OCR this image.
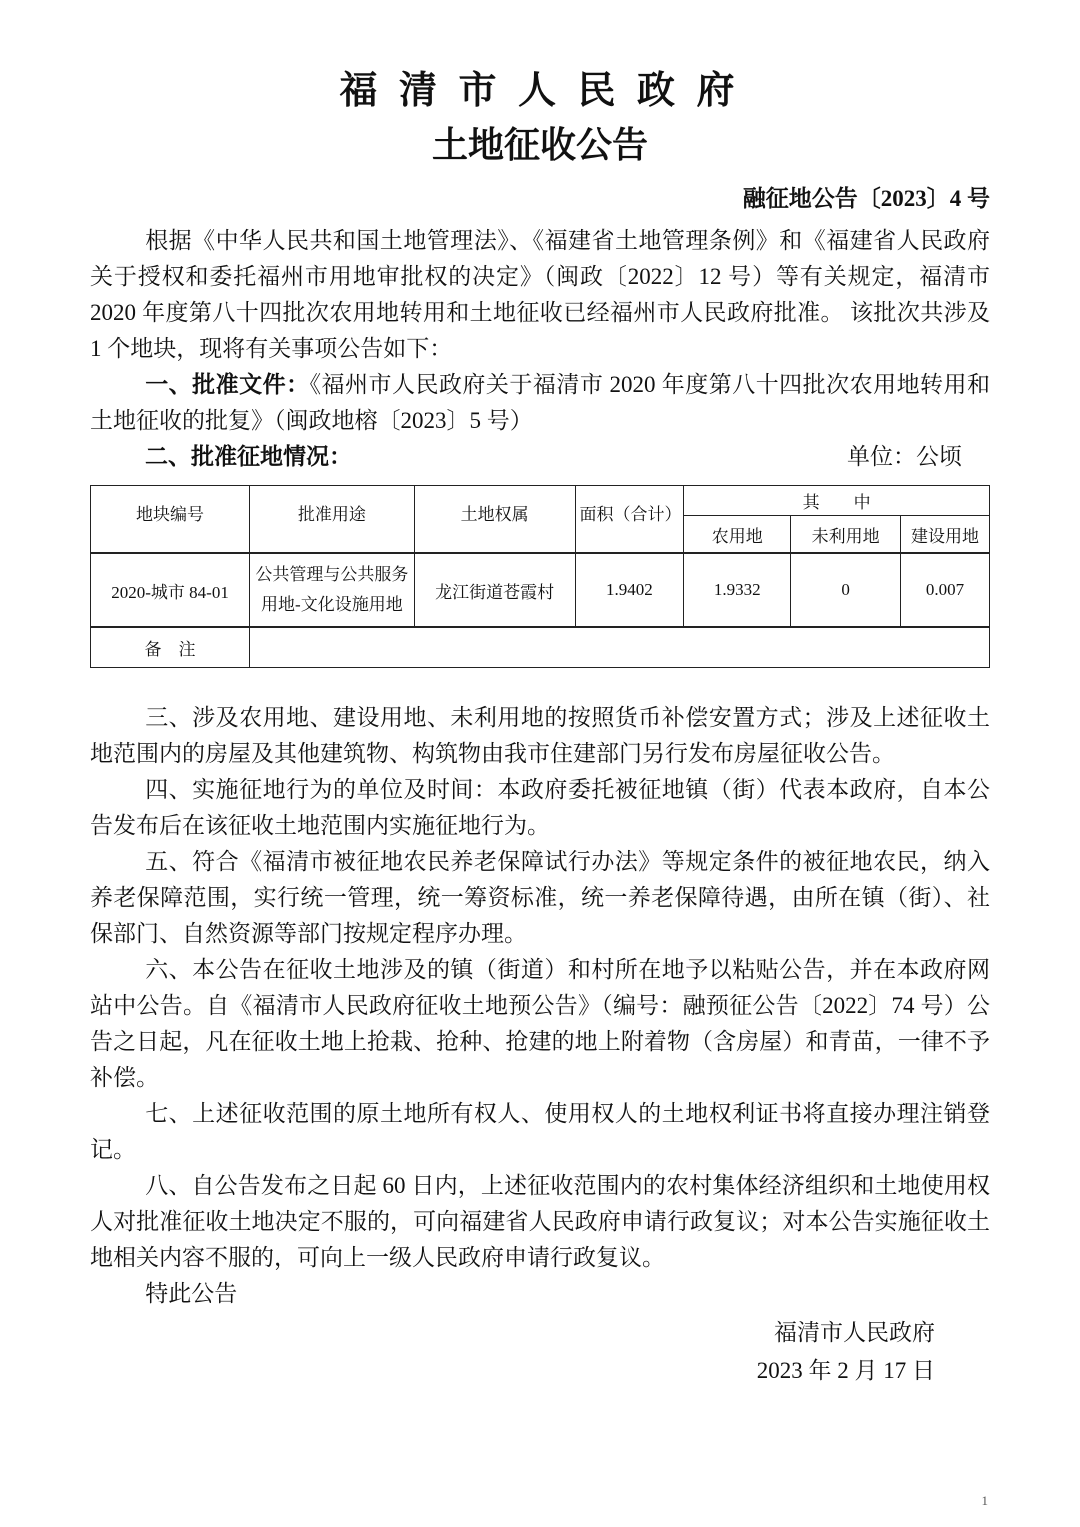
福 清 市 人 民 政 府
土地征收公告
融征地公告〔2023〕4 号

根据《中华人民共和国土地管理法》、《福建省土地管理条例》和《福建省人民政府关于授权和委托福州市用地审批权的决定》（闽政〔2022〕12 号）等有关规定，福清市 2020 年度第八十四批次农用地转用和土地征收已经福州市人民政府批准。 该批次共涉及 1 个地块，现将有关事项公告如下：

一、批准文件：《福州市人民政府关于福清市 2020 年度第八十四批次农用地转用和土地征收的批复》（闽政地榕〔2023〕5 号）

二、批准征地情况：	单位：公顷
地块编号	批准用途	土地权属	面积（合计）	其　　中		
				农用地	未利用地	建设用地
2020-城市 84-01	公共管理与公共服务用地-文化设施用地	龙江街道苍霞村	1.9402	1.9332	0	0.007
备　注						

三、涉及农用地、建设用地、未利用地的按照货币补偿安置方式；涉及上述征收土地范围内的房屋及其他建筑物、构筑物由我市住建部门另行发布房屋征收公告。

四、实施征地行为的单位及时间：本政府委托被征地镇（街）代表本政府，自本公告发布后在该征收土地范围内实施征地行为。

五、符合《福清市被征地农民养老保障试行办法》等规定条件的被征地农民，纳入养老保障范围，实行统一管理，统一筹资标准，统一养老保障待遇，由所在镇（街）、社保部门、自然资源等部门按规定程序办理。

六、本公告在征收土地涉及的镇（街道）和村所在地予以粘贴公告，并在本政府网站中公告。自《福清市人民政府征收土地预公告》（编号：融预征公告〔2022〕74 号）公告之日起，凡在征收土地上抢栽、抢种、抢建的地上附着物（含房屋）和青苗，一律不予补偿。

七、上述征收范围的原土地所有权人、使用权人的土地权利证书将直接办理注销登记。

八、自公告发布之日起 60 日内，上述征收范围内的农村集体经济组织和土地使用权人对批准征收土地决定不服的，可向福建省人民政府申请行政复议；对本公告实施征收土地相关内容不服的，可向上一级人民政府申请行政复议。

特此公告

福清市人民政府
2023 年 2 月 17 日
1
